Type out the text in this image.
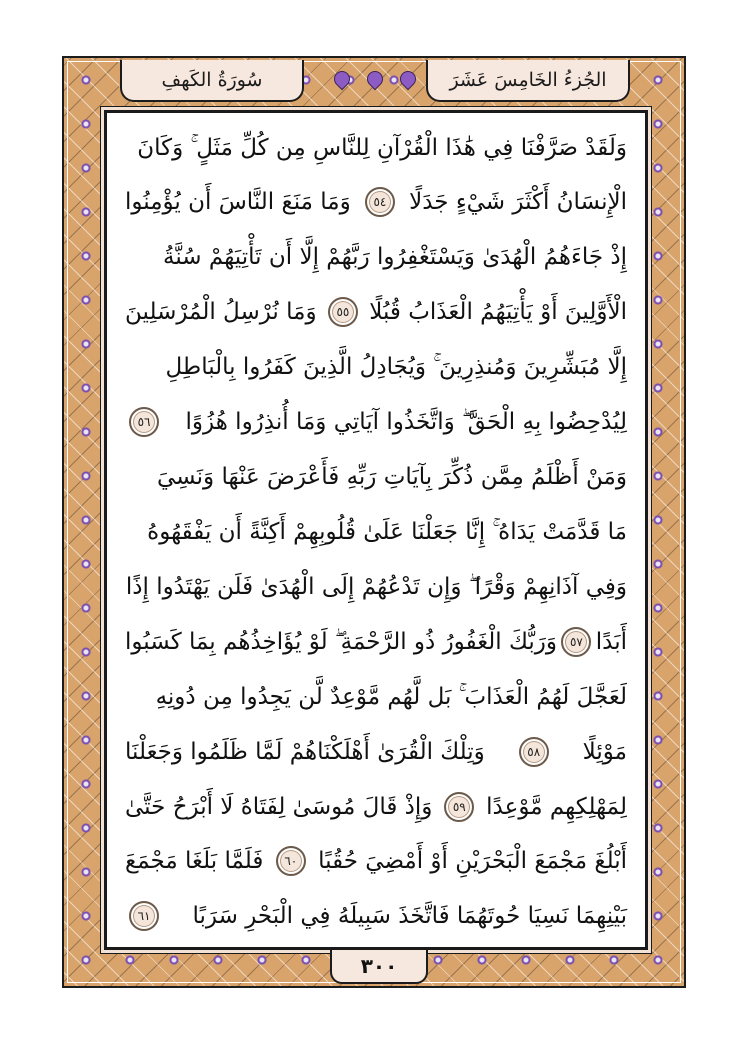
سُورَةُ الكَهفِ	الجُزءُ الخَامِسَ عَشَرَ
وَلَقَدْ صَرَّفْنَا فِي هَٰذَا الْقُرْآنِ لِلنَّاسِ مِن كُلِّ مَثَلٍ ۚ وَكَانَ
الْإِنسَانُ أَكْثَرَ شَيْءٍ جَدَلًا
٥٤
وَمَا مَنَعَ النَّاسَ أَن يُؤْمِنُوا
إِذْ جَاءَهُمُ الْهُدَىٰ وَيَسْتَغْفِرُوا رَبَّهُمْ إِلَّا أَن تَأْتِيَهُمْ سُنَّةُ
الْأَوَّلِينَ أَوْ يَأْتِيَهُمُ الْعَذَابُ قُبُلًا
٥٥
وَمَا نُرْسِلُ الْمُرْسَلِينَ
إِلَّا مُبَشِّرِينَ وَمُنذِرِينَ ۚ وَيُجَادِلُ الَّذِينَ كَفَرُوا بِالْبَاطِلِ
لِيُدْحِضُوا بِهِ الْحَقَّ ۖ وَاتَّخَذُوا آيَاتِي وَمَا أُنذِرُوا هُزُوًا
٥٦
وَمَنْ أَظْلَمُ مِمَّن ذُكِّرَ بِآيَاتِ رَبِّهِ فَأَعْرَضَ عَنْهَا وَنَسِيَ
مَا قَدَّمَتْ يَدَاهُ ۚ إِنَّا جَعَلْنَا عَلَىٰ قُلُوبِهِمْ أَكِنَّةً أَن يَفْقَهُوهُ
وَفِي آذَانِهِمْ وَقْرًا ۖ وَإِن تَدْعُهُمْ إِلَى الْهُدَىٰ فَلَن يَهْتَدُوا إِذًا
أَبَدًا
٥٧
وَرَبُّكَ الْغَفُورُ ذُو الرَّحْمَةِ ۖ لَوْ يُؤَاخِذُهُم بِمَا كَسَبُوا
لَعَجَّلَ لَهُمُ الْعَذَابَ ۚ بَل لَّهُم مَّوْعِدٌ لَّن يَجِدُوا مِن دُونِهِ
مَوْئِلًا
٥٨
وَتِلْكَ الْقُرَىٰ أَهْلَكْنَاهُمْ لَمَّا ظَلَمُوا وَجَعَلْنَا
لِمَهْلِكِهِم مَّوْعِدًا
٥٩
وَإِذْ قَالَ مُوسَىٰ لِفَتَاهُ لَا أَبْرَحُ حَتَّىٰ
أَبْلُغَ مَجْمَعَ الْبَحْرَيْنِ أَوْ أَمْضِيَ حُقُبًا
٦٠
فَلَمَّا بَلَغَا مَجْمَعَ
بَيْنِهِمَا نَسِيَا حُوتَهُمَا فَاتَّخَذَ سَبِيلَهُ فِي الْبَحْرِ سَرَبًا
٦١
٣٠٠
